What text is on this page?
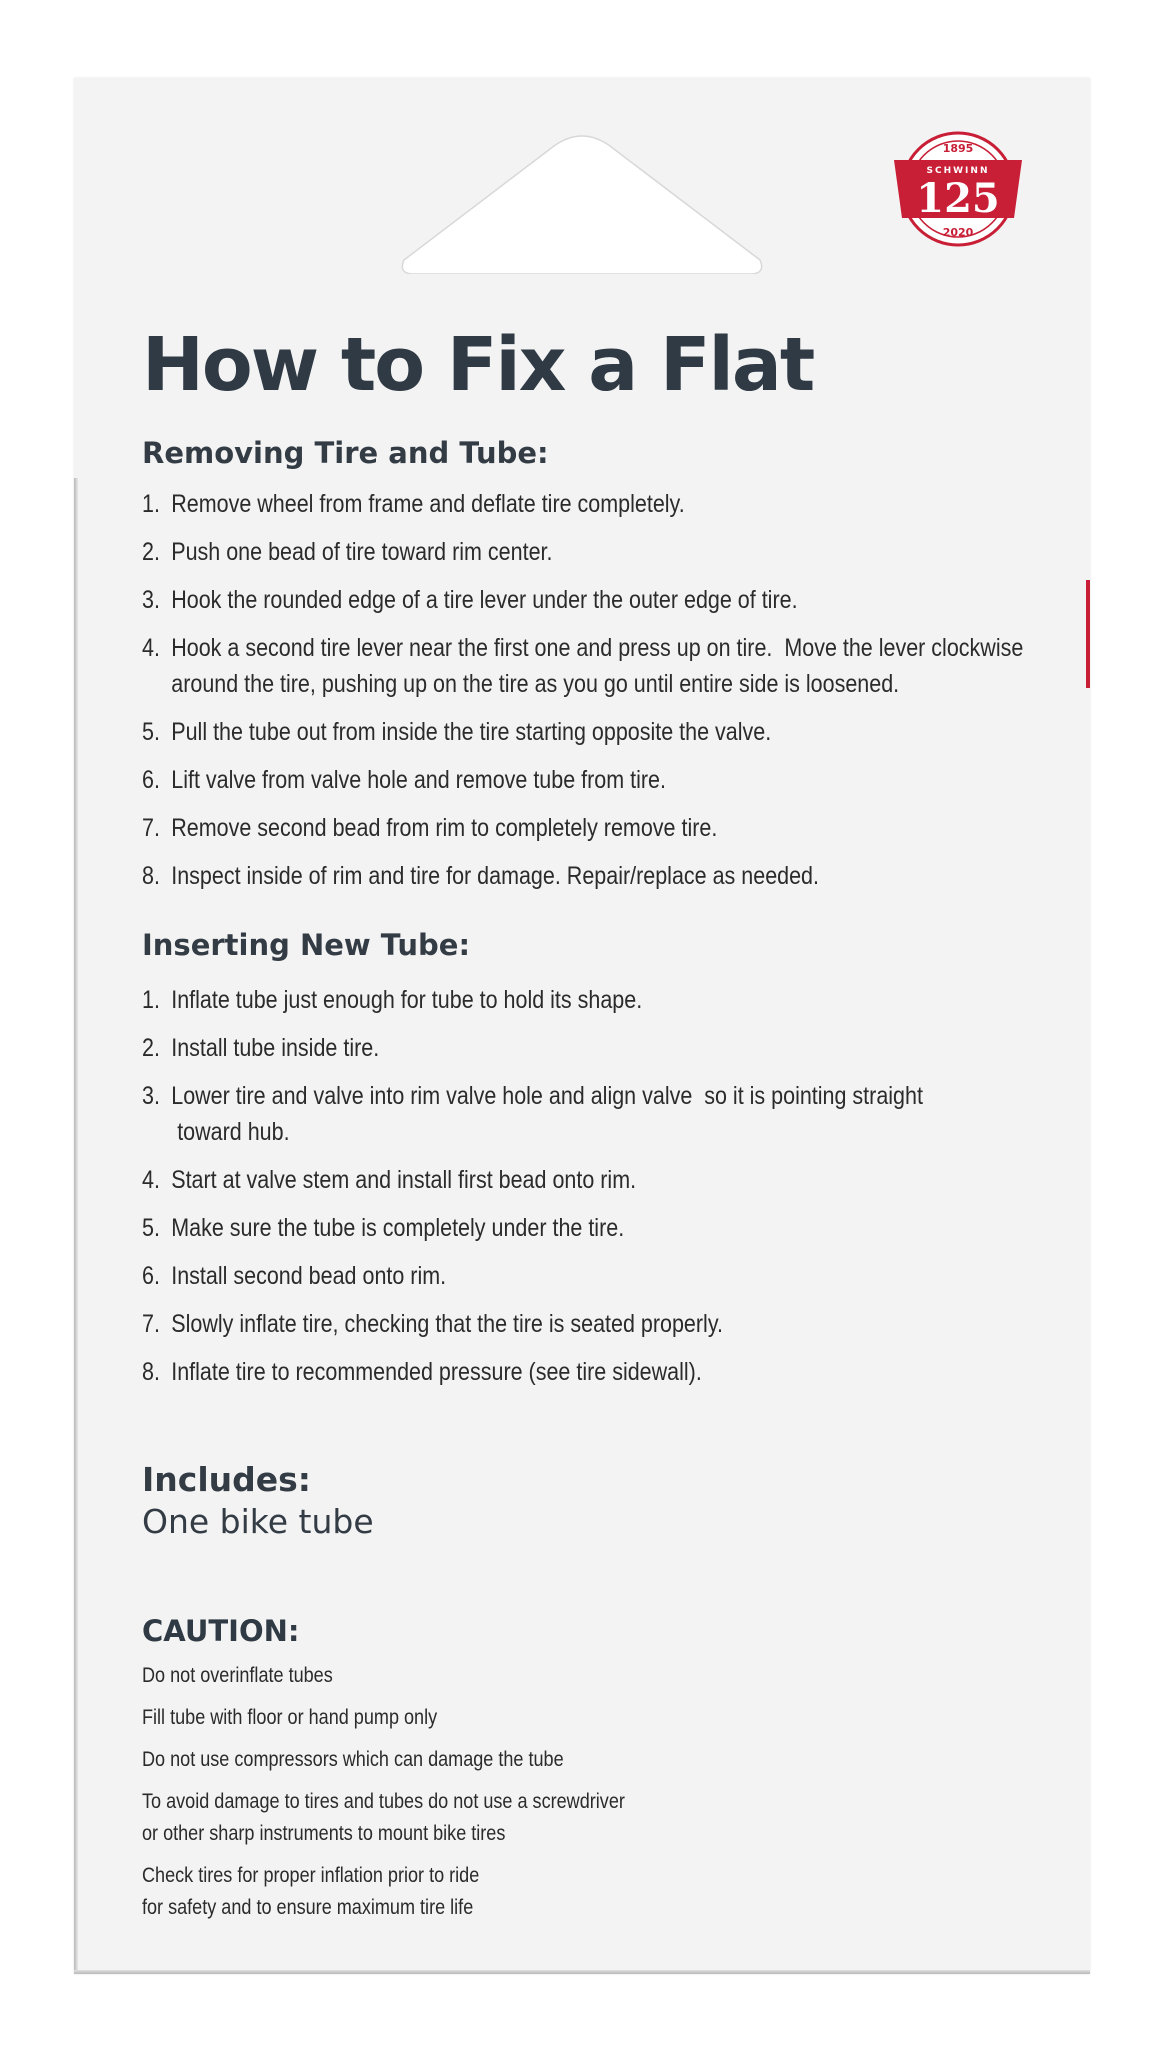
1895
SCHWINN
125
2020
How to Fix a Flat
Removing Tire and Tube:
1. Remove wheel from frame and deflate tire completely.
2. Push one bead of tire toward rim center.
3. Hook the rounded edge of a tire lever under the outer edge of tire.
4. Hook a second tire lever near the first one and press up on tire.  Move the lever clockwise
around the tire, pushing up on the tire as you go until entire side is loosened.
5. Pull the tube out from inside the tire starting opposite the valve.
6. Lift valve from valve hole and remove tube from tire.
7. Remove second bead from rim to completely remove tire.
8. Inspect inside of rim and tire for damage. Repair/replace as needed.
Inserting New Tube:
1. Inflate tube just enough for tube to hold its shape.
2. Install tube inside tire.
3. Lower tire and valve into rim valve hole and align valve  so it is pointing straight
toward hub.
4. Start at valve stem and install first bead onto rim.
5. Make sure the tube is completely under the tire.
6. Install second bead onto rim.
7. Slowly inflate tire, checking that the tire is seated properly.
8. Inflate tire to recommended pressure (see tire sidewall).
Includes:

One bike tube

CAUTION:

Do not overinflate tubes

Fill tube with floor or hand pump only

Do not use compressors which can damage the tube

To avoid damage to tires and tubes do not use a screwdriver

or other sharp instruments to mount bike tires

Check tires for proper inflation prior to ride

for safety and to ensure maximum tire life
